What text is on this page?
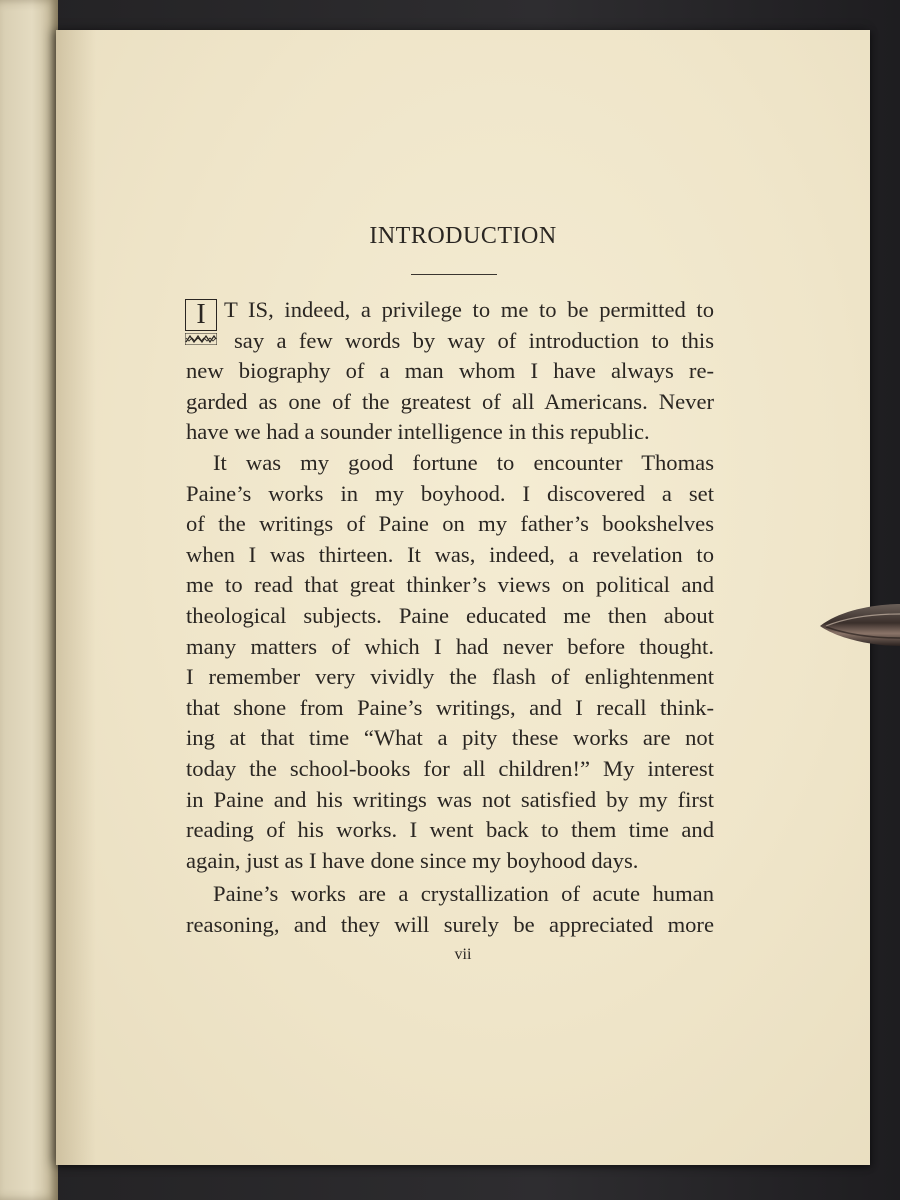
INTRODUCTION
I T IS, indeed, a privilege to me to be permitted to
say a few words by way of introduction to this
new biography of a man whom I have always re-
garded as one of the greatest of all Americans. Never
have we had a sounder intelligence in this republic.
It was my good fortune to encounter Thomas
Paine’s works in my boyhood. I discovered a set
of the writings of Paine on my father’s bookshelves
when I was thirteen. It was, indeed, a revelation to
me to read that great thinker’s views on political and
theological subjects. Paine educated me then about
many matters of which I had never before thought.
I remember very vividly the flash of enlightenment
that shone from Paine’s writings, and I recall think-
ing at that time “What a pity these works are not
today the school-books for all children!” My interest
in Paine and his writings was not satisfied by my first
reading of his works. I went back to them time and
again, just as I have done since my boyhood days.
Paine’s works are a crystallization of acute human
reasoning, and they will surely be appreciated more
vii
